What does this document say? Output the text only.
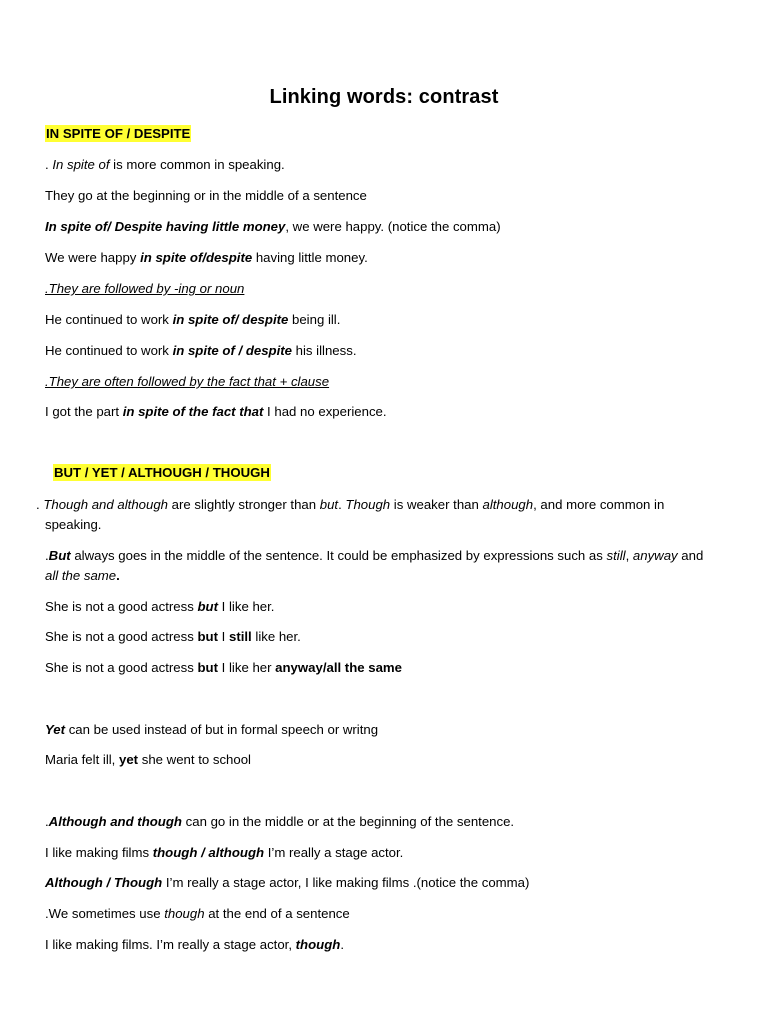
Linking words: contrast
IN SPITE OF / DESPITE
. In spite of is more common in speaking.
They go at the beginning or in the middle of a sentence
In spite of/ Despite having little money, we were happy. (notice the comma)
We were happy in spite of/despite having little money.
.They are followed by -ing or noun
He continued to work in spite of/ despite being ill.
He continued to work in spite of / despite his illness.
.They are often followed by the fact that + clause
I got the part in spite of the fact that I had no experience.
BUT / YET / ALTHOUGH / THOUGH
. Though and although are slightly stronger than but. Though is weaker than although, and more common in
speaking.
.But always goes in the middle of the sentence. It could be emphasized by expressions such as still, anyway and
all the same.
She is not a good actress but I like her.
She is not a good actress but I still like her.
She is not a good actress but I like her anyway/all the same
Yet can be used instead of but in formal speech or writng
Maria felt ill, yet she went to school
.Although and though can go in the middle or at the beginning of the sentence.
I like making films though / although I’m really a stage actor.
Although / Though I’m really a stage actor, I like making films .(notice the comma)
.We sometimes use though at the end of a sentence
I like making films. I’m really a stage actor, though.
